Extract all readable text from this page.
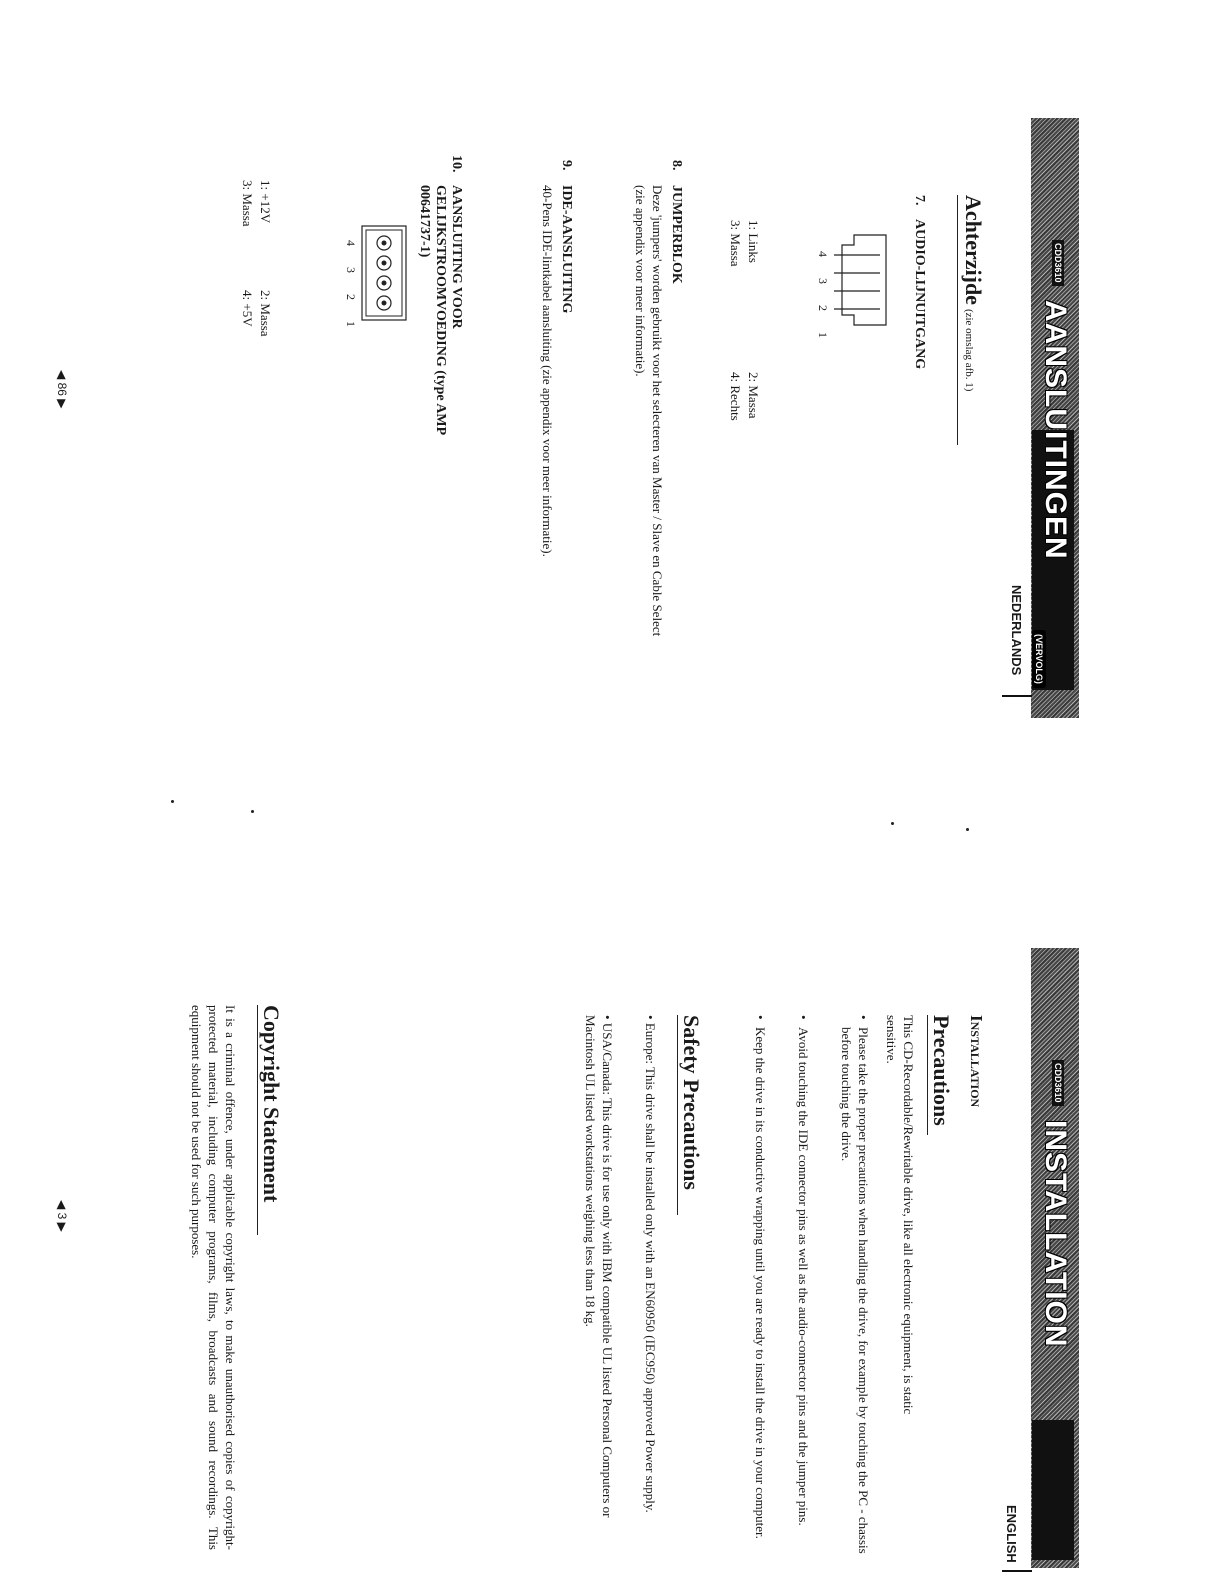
CDD3610
AANSLUITINGEN
(VERVOLG)
NEDERLANDS
Achterzijde (zie omslag afb. 1)
7.
AUDIO-LIJNUITGANG
4 3 2 1
1: Links
2: Massa
3: Massa
4: Rechts
8.
JUMPERBLOK
Deze 'jumpers' worden gebruikt voor het selecteren van Master / Slave en Cable Select (zie appendix voor meer informatie).
9.
IDE-AANSLUITING
40-Pens IDE-lintkabel aansluiting (zie appendix voor meer informatie).
10.
AANSLUITING VOOR GELIJKSTROOMVOEDING (type AMP 00641737-1)
4 3 2 1
1: +12V
2: Massa
3: Massa
4: +5V
◀ 86 ▶
CDD3610
INSTALLATION
ENGLISH
Installation
Precautions
This CD-Recordable/Rewritable drive, like all electronic equipment, is static sensitive.
•
Please take the proper precautions when handling the drive, for example by touching the PC - chassis before touching the drive.
•
Avoid touching the IDE connector pins as well as the audio-connector pins and the jumper pins.
•
Keep the drive in its conductive wrapping until you are ready to install the drive in your computer.
Safety Precautions
• Europe: This drive shall be installed only with an EN60950 (IEC950) approved Power supply.
• USA/Canada: This drive is for use only with IBM compatible UL listed Personal Computers or Macintosh UL listed workstations weighing less than 18 kg.
Copyright Statement
It is a criminal offence, under applicable copyright laws, to make unauthorised copies of copyright-protected material, including computer programs, films, broadcasts and sound recordings. This equipment should not be used for such purposes.
◀ 3 ▶
